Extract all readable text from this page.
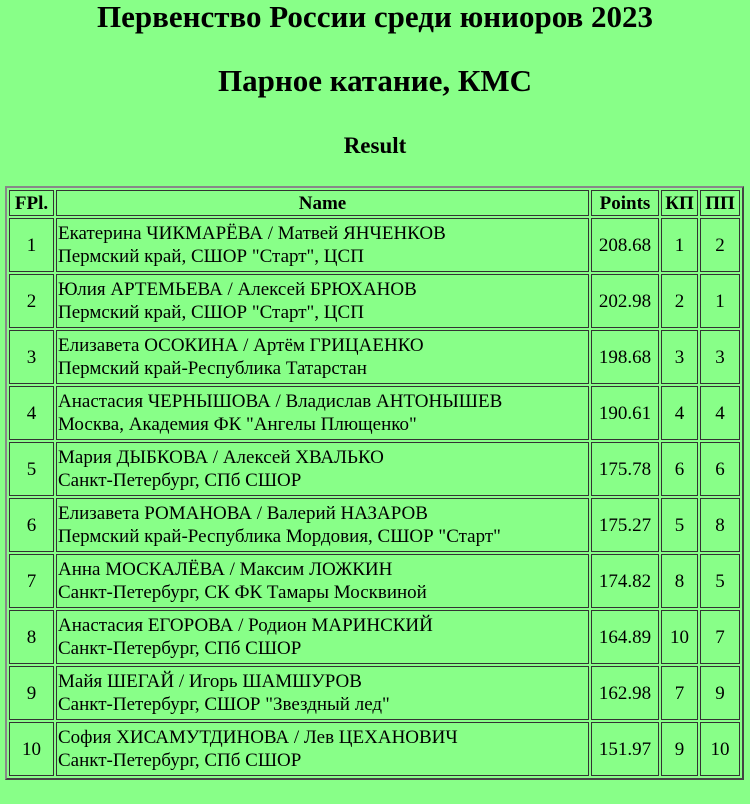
Первенство России среди юниоров 2023
Парное катание, КМС
Result
FPl.	Name	Points	КП	ПП
1	Екатерина ЧИКМАРЁВА / Матвей ЯНЧЕНКОВ
Пермский край, СШОР "Старт", ЦСП	208.68	1	2
2	Юлия АРТЕМЬЕВА / Алексей БРЮХАНОВ
Пермский край, СШОР "Старт", ЦСП	202.98	2	1
3	Елизавета ОСОКИНА / Артём ГРИЦАЕНКО
Пермский край-Республика Татарстан	198.68	3	3
4	Анастасия ЧЕРНЫШОВА / Владислав АНТОНЫШЕВ
Москва, Академия ФК "Ангелы Плющенко"	190.61	4	4
5	Мария ДЫБКОВА / Алексей ХВАЛЬКО
Санкт-Петербург, СПб СШОР	175.78	6	6
6	Елизавета РОМАНОВА / Валерий НАЗАРОВ
Пермский край-Республика Мордовия, СШОР "Старт"	175.27	5	8
7	Анна МОСКАЛЁВА / Максим ЛОЖКИН
Санкт-Петербург, СК ФК Тамары Москвиной	174.82	8	5
8	Анастасия ЕГОРОВА / Родион МАРИНСКИЙ
Санкт-Петербург, СПб СШОР	164.89	10	7
9	Майя ШЕГАЙ / Игорь ШАМШУРОВ
Санкт-Петербург, СШОР "Звездный лед"	162.98	7	9
10	София ХИСАМУТДИНОВА / Лев ЦЕХАНОВИЧ
Санкт-Петербург, СПб СШОР	151.97	9	10
